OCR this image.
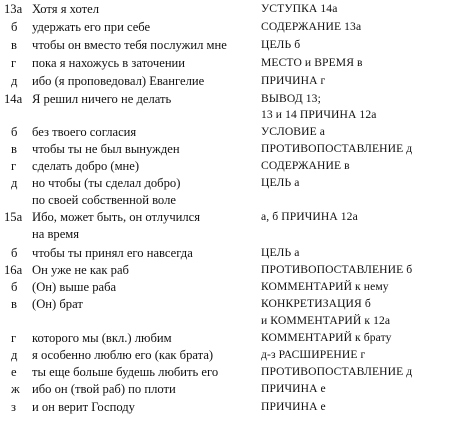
13а Хотя я хотел	УСТУПКА 14а
б	удержать его при себе	СОДЕРЖАНИЕ 13а
в	чтобы он вместо тебя послужил мне	ЦЕЛЬ б
г	пока я нахожусь в заточении	МЕСТО и ВРЕМЯ в
д	ибо (я проповедовал) Евангелие	ПРИЧИНА г
14а Я решил ничего не делать	ВЫВОД 13;
13 и 14 ПРИЧИНА 12а
б	без твоего согласия	УСЛОВИЕ а
в	чтобы ты не был вынужден	ПРОТИВОПОСТАВЛЕНИЕ д
г	сделать добро (мне)	СОДЕРЖАНИЕ в
д	но чтобы (ты сделал добро)	ЦЕЛЬ а
по своей собственной воле
15а Ибо, может быть, он отлучился	а, б ПРИЧИНА 12а
на время
б	чтобы ты принял его навсегда	ЦЕЛЬ а
16а Он уже не как раб	ПРОТИВОПОСТАВЛЕНИЕ б
б	(Он) выше раба	КОММЕНТАРИЙ к нему
в	(Он) брат	КОНКРЕТИЗАЦИЯ б
и КОММЕНТАРИЙ к 12а
г	которого мы (вкл.) любим	КОММЕНТАРИЙ к брату
д	я особенно люблю его (как брата)	д-з РАСШИРЕНИЕ г
е	ты еще больше будешь любить его	ПРОТИВОПОСТАВЛЕНИЕ д
ж ибо он (твой раб) по плоти	ПРИЧИНА е
з	и он верит Господу	ПРИЧИНА е
